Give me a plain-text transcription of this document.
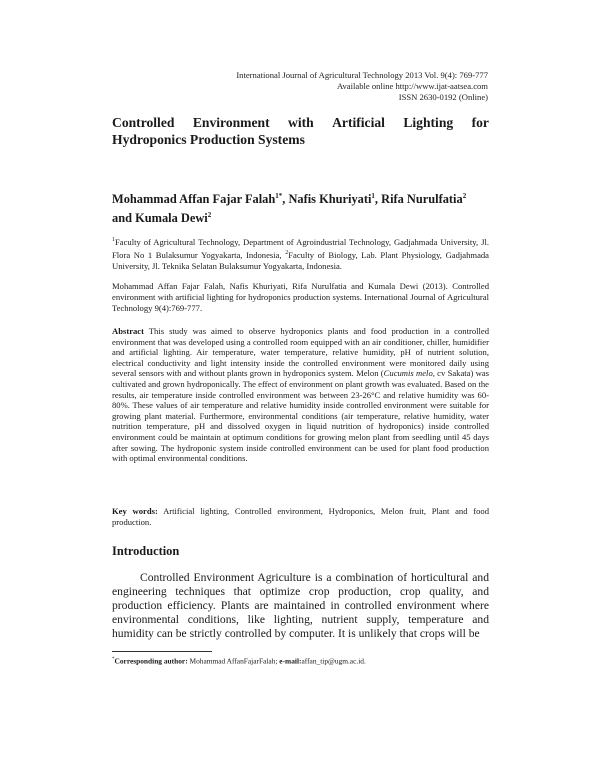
International Journal of Agricultural Technology 2013 Vol. 9(4): 769-777
Available online http://www.ijat-aatsea.com
ISSN 2630-0192 (Online)
Controlled Environment with Artificial Lighting for
Hydroponics Production Systems
Mohammad Affan Fajar Falah$^{1*}$, Nafis Khuriyati$^1$, Rifa Nurulfatia$^2$ and Kumala Dewi$^2$
$^1$Faculty of Agricultural Technology, Department of Agroindustrial Technology, Gadjahmada University, Jl. Flora No 1 Bulaksumur Yogyakarta, Indonesia, $^2$Faculty of Biology, Lab. Plant Physiology, Gadjahmada University, Jl. Teknika Selatan Bulaksumur Yogyakarta, Indonesia.
Mohammad Affan Fajar Falah, Nafis Khuriyati, Rifa Nurulfatia and Kumala Dewi (2013). Controlled environment with artificial lighting for hydroponics production systems. International Journal of Agricultural Technology 9(4):769-777.
Abstract This study was aimed to observe hydroponics plants and food production in a controlled environment that was developed using a controlled room equipped with an air conditioner, chiller, humidifier and artificial lighting. Air temperature, water temperature, relative humidity, pH of nutrient solution, electrical conductivity and light intensity inside the controlled environment were monitored daily using several sensors with and without plants grown in hydroponics system. Melon (Cucumis melo, cv Sakata) was cultivated and grown hydroponically. The effect of environment on plant growth was evaluated. Based on the results, air temperature inside controlled environment was between 23-26°C and relative humidity was 60-80%. These values of air temperature and relative humidity inside controlled environment were suitable for growing plant material. Furthermore, environmental conditions (air temperature, relative humidity, water nutrition temperature, pH and dissolved oxygen in liquid nutrition of hydroponics) inside controlled environment could be maintain at optimum conditions for growing melon plant from seedling until 45 days after sowing. The hydroponic system inside controlled environment can be used for plant food production with optimal environmental conditions.
Key words: Artificial lighting, Controlled environment, Hydroponics, Melon fruit, Plant and food production.
Introduction

Controlled Environment Agriculture is a combination of horticultural and engineering techniques that optimize crop production, crop quality, and production efficiency. Plants are maintained in controlled environment where environmental conditions, like lighting, nutrient supply, temperature and humidity can be strictly controlled by computer. It is unlikely that crops will be

*Corresponding author: Mohammad AffanFajarFalah; e-mail:affan_tip@ugm.ac.id.
